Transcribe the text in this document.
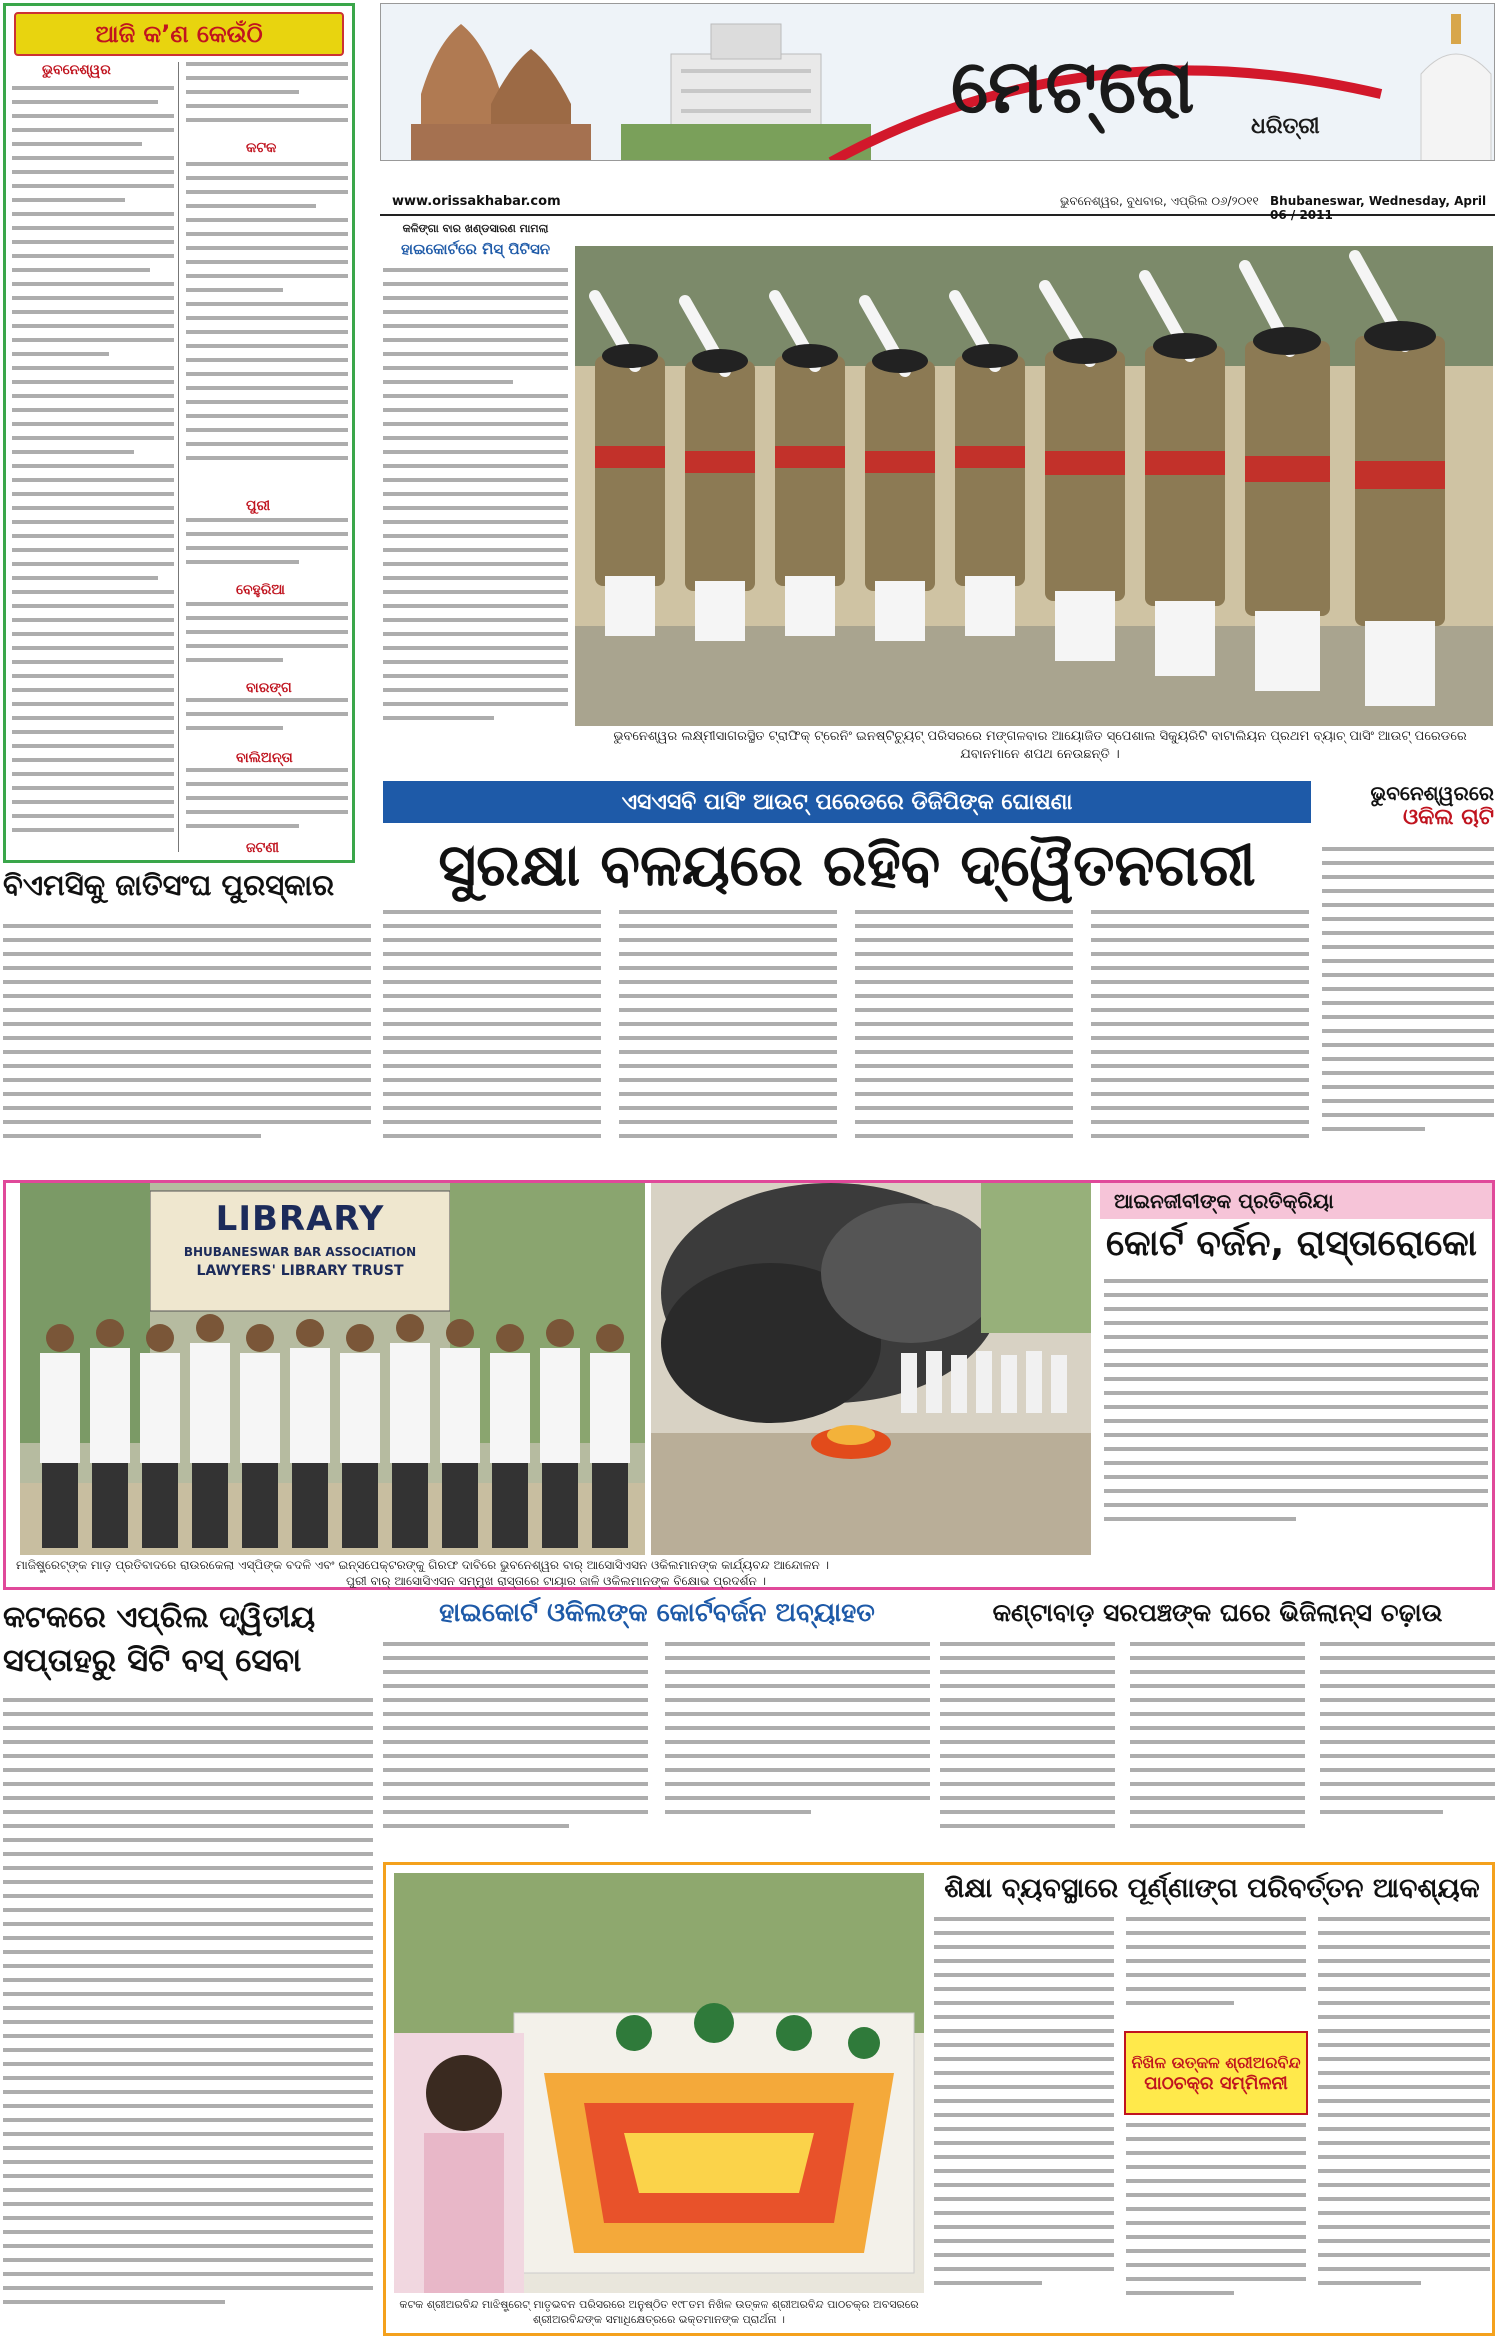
ଆଜି କ’ଣ କେଉଁଠି
ଭୁବନେଶ୍ୱର
କଟକ
ପୁରୀ
ବେହୁରିଆ
ବାରଙ୍ଗ
ବାଲିଅନ୍ତା
ଜଟଣୀ
ମେଟ୍ରୋ ଧରିତ୍ରୀ
www.orissakhabar.com	ଭୁବନେଶ୍ୱର, ବୁଧବାର, ଏପ୍ରିଲ ୦୬/୨୦୧୧ Bhubaneswar, Wednesday, April 06 / 2011
କଳିଙ୍ଗା ବାର ଖଣ୍ଡସାରଣ ମାମଲା
ହାଇକୋର୍ଟରେ ମିସ୍ ପିଟିସନ
ଭୁବନେଶ୍ୱର ଲକ୍ଷ୍ମୀସାଗରସ୍ଥିତ ଟ୍ରାଫିକ୍ ଟ୍ରେନିଂ ଇନଷ୍ଟିଚ୍ୟୁଟ୍ ପରିସରରେ ମଙ୍ଗଳବାର ଆୟୋଜିତ ସ୍ପେଶାଲ ସିକ୍ୟୁରିଟି ବାଟାଲିୟନ ପ୍ରଥମ ବ୍ୟାଚ୍ ପାସିଂ ଆଉଟ୍ ପରେଡରେ ଯବାନମାନେ ଶପଥ ନେଉଛନ୍ତି ।
ଏସଏସବି ପାସିଂ ଆଉଟ୍ ପରେଡରେ ଡିଜିପିଙ୍କ ଘୋଷଣା
ସୁରକ୍ଷା ବଳୟରେ ରହିବ ଦ୍ୱୈତନଗରୀ
ଭୁବନେଶ୍ୱରରେ
ଓକିଲ ଚାଟି
ବିଏମସିକୁ ଜାତିସଂଘ ପୁରସ୍କାର
LIBRARY
BHUBANESWAR BAR ASSOCIATION
LAWYERS' LIBRARY TRUST
ଆଇନଜୀବୀଙ୍କ ପ୍ରତିକ୍ରିୟା
କୋର୍ଟ ବର୍ଜନ, ରାସ୍ତାରୋକୋ
ମାଜିଷ୍ଟ୍ରେଟ୍ଙ୍କ ମାଡ଼ ପ୍ରତିବାଦରେ ରାଉରକେଲା ଏସ୍ପିଙ୍କ ବଦଳି ଏବଂ ଇନ୍ସପେକ୍ଟରଙ୍କୁ ଗିରଫ ଦାବିରେ ଭୁବନେଶ୍ୱର ବାର୍ ଆସୋସିଏସନ ଓକିଲମାନଙ୍କ କାର୍ଯ୍ୟବନ୍ଦ ଆନ୍ଦୋଳନ ।
ପୁରୀ ବାର୍ ଆସୋସିଏସନ ସମ୍ମୁଖ ରାସ୍ତାରେ ଟାୟାର ଜାଳି ଓକିଲମାନଙ୍କ ବିକ୍ଷୋଭ ପ୍ରଦର୍ଶନ ।
କଟକରେ ଏପ୍ରିଲ ଦ୍ୱିତୀୟ
ସପ୍ତାହରୁ ସିଟି ବସ୍ ସେବା
ହାଇକୋର୍ଟ ଓକିଲଙ୍କ କୋର୍ଟବର୍ଜନ ଅବ୍ୟାହତ	କଣ୍ଟାବାଡ଼ ସରପଞ୍ଚଙ୍କ ଘରେ ଭିଜିଲାନ୍ସ ଚଢ଼ାଉ
କଟକ ଶ୍ରୀଅରବିନ୍ଦ ମାଝିଷ୍ଟ୍ରେଟ୍ ମାତୃଭବନ ପରିସରରେ ଅନୁଷ୍ଠିତ ୧୯୮ତମ ନିଖିଳ ଉତ୍କଳ ଶ୍ରୀଅରବିନ୍ଦ ପାଠଚକ୍ର ଅବସରରେ ଶ୍ରୀଅରବିନ୍ଦଙ୍କ ସମାଧିକ୍ଷେତ୍ରରେ ଭକ୍ତମାନଙ୍କ ପ୍ରାର୍ଥନା ।
ଶିକ୍ଷା ବ୍ୟବସ୍ଥାରେ ପୂର୍ଣ୍ଣାଙ୍ଗ ପରିବର୍ତ୍ତନ ଆବଶ୍ୟକ
ନିଖିଳ ଉତ୍କଳ ଶ୍ରୀଅରବିନ୍ଦ
ପାଠଚକ୍ର ସମ୍ମିଳନୀ
